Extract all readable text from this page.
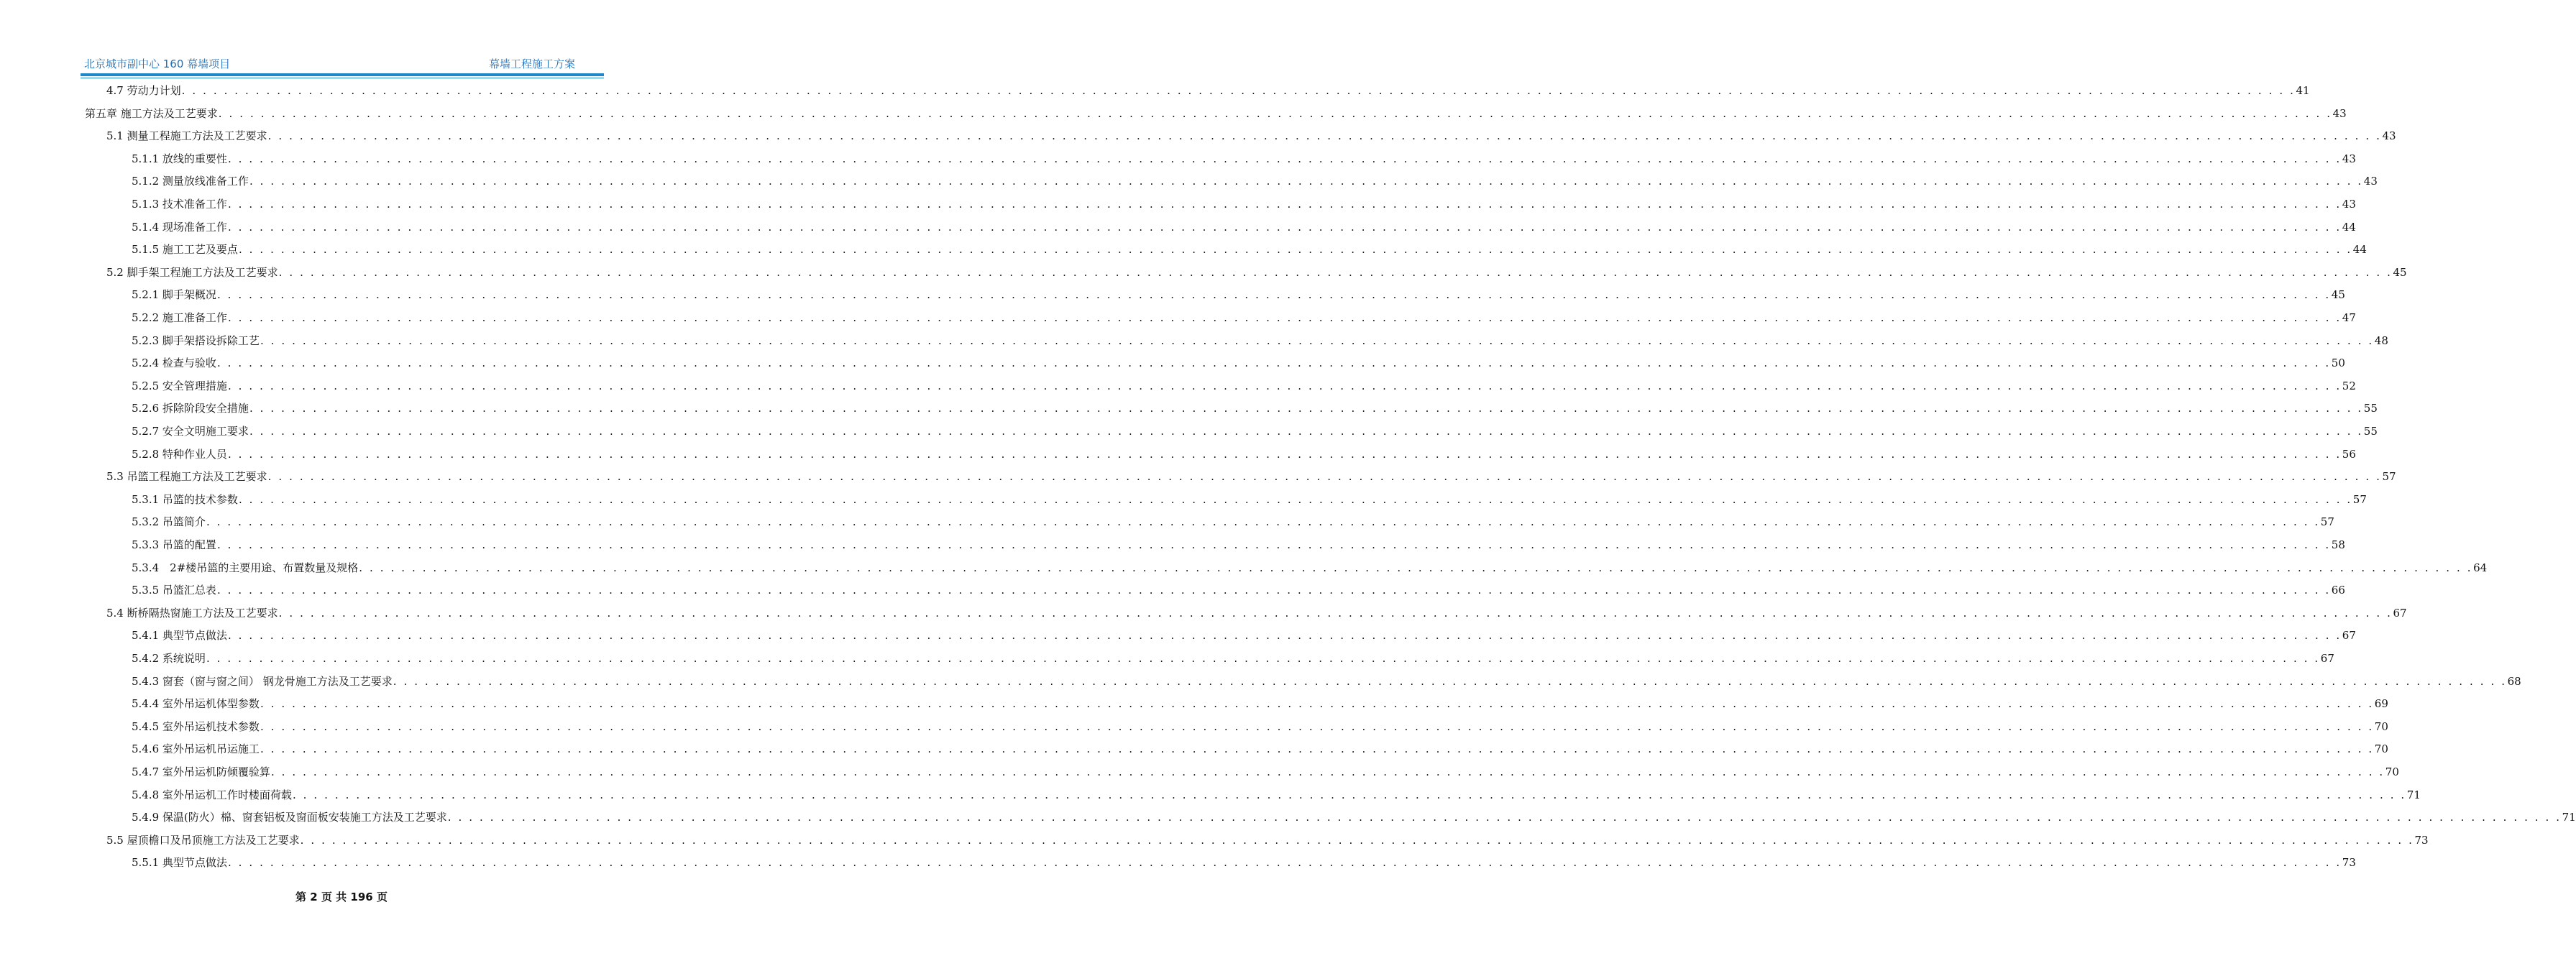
北京城市副中心 160 幕墙项目	幕墙工程施工方案
4.7 劳动力计划 . . . . . . . . . . . . . . . . . . . . . . . . . . . . . . . . . . . . . . . . . . . . . . . . . . . . . . . . . . . . . . . . . . . . . . . . . . . . . . . . . . . . . . . . . . . . . . . . . . . . . . . . . . . . . . . . . . . . . . . . . . . . . . . . . . . . . . . . . . . . . . . . . . . . . . . . . . . . . . . . . . . . . . . . . . . . . . . . . . . . . . . . . . . . . . . . . . . . . . . . 41
第五章 施工方法及工艺要求 . . . . . . . . . . . . . . . . . . . . . . . . . . . . . . . . . . . . . . . . . . . . . . . . . . . . . . . . . . . . . . . . . . . . . . . . . . . . . . . . . . . . . . . . . . . . . . . . . . . . . . . . . . . . . . . . . . . . . . . . . . . . . . . . . . . . . . . . . . . . . . . . . . . . . . . . . . . . . . . . . . . . . . . . . . . . . . . . . . . . . . . . . . . . . . . . . . . . . . . . 43
5.1 测量工程施工方法及工艺要求 . . . . . . . . . . . . . . . . . . . . . . . . . . . . . . . . . . . . . . . . . . . . . . . . . . . . . . . . . . . . . . . . . . . . . . . . . . . . . . . . . . . . . . . . . . . . . . . . . . . . . . . . . . . . . . . . . . . . . . . . . . . . . . . . . . . . . . . . . . . . . . . . . . . . . . . . . . . . . . . . . . . . . . . . . . . . . . . . . . . . . . . . . . . . . . . . . . . . . . . . 43
5.1.1 放线的重要性 . . . . . . . . . . . . . . . . . . . . . . . . . . . . . . . . . . . . . . . . . . . . . . . . . . . . . . . . . . . . . . . . . . . . . . . . . . . . . . . . . . . . . . . . . . . . . . . . . . . . . . . . . . . . . . . . . . . . . . . . . . . . . . . . . . . . . . . . . . . . . . . . . . . . . . . . . . . . . . . . . . . . . . . . . . . . . . . . . . . . . . . . . . . . . . . . . . . . . . . . 43
5.1.2 测量放线准备工作 . . . . . . . . . . . . . . . . . . . . . . . . . . . . . . . . . . . . . . . . . . . . . . . . . . . . . . . . . . . . . . . . . . . . . . . . . . . . . . . . . . . . . . . . . . . . . . . . . . . . . . . . . . . . . . . . . . . . . . . . . . . . . . . . . . . . . . . . . . . . . . . . . . . . . . . . . . . . . . . . . . . . . . . . . . . . . . . . . . . . . . . . . . . . . . . . . . . . . . . . 43
5.1.3 技术准备工作 . . . . . . . . . . . . . . . . . . . . . . . . . . . . . . . . . . . . . . . . . . . . . . . . . . . . . . . . . . . . . . . . . . . . . . . . . . . . . . . . . . . . . . . . . . . . . . . . . . . . . . . . . . . . . . . . . . . . . . . . . . . . . . . . . . . . . . . . . . . . . . . . . . . . . . . . . . . . . . . . . . . . . . . . . . . . . . . . . . . . . . . . . . . . . . . . . . . . . . . . 43
5.1.4 现场准备工作 . . . . . . . . . . . . . . . . . . . . . . . . . . . . . . . . . . . . . . . . . . . . . . . . . . . . . . . . . . . . . . . . . . . . . . . . . . . . . . . . . . . . . . . . . . . . . . . . . . . . . . . . . . . . . . . . . . . . . . . . . . . . . . . . . . . . . . . . . . . . . . . . . . . . . . . . . . . . . . . . . . . . . . . . . . . . . . . . . . . . . . . . . . . . . . . . . . . . . . . . 44
5.1.5 施工工艺及要点 . . . . . . . . . . . . . . . . . . . . . . . . . . . . . . . . . . . . . . . . . . . . . . . . . . . . . . . . . . . . . . . . . . . . . . . . . . . . . . . . . . . . . . . . . . . . . . . . . . . . . . . . . . . . . . . . . . . . . . . . . . . . . . . . . . . . . . . . . . . . . . . . . . . . . . . . . . . . . . . . . . . . . . . . . . . . . . . . . . . . . . . . . . . . . . . . . . . . . . . . 44
5.2 脚手架工程施工方法及工艺要求 . . . . . . . . . . . . . . . . . . . . . . . . . . . . . . . . . . . . . . . . . . . . . . . . . . . . . . . . . . . . . . . . . . . . . . . . . . . . . . . . . . . . . . . . . . . . . . . . . . . . . . . . . . . . . . . . . . . . . . . . . . . . . . . . . . . . . . . . . . . . . . . . . . . . . . . . . . . . . . . . . . . . . . . . . . . . . . . . . . . . . . . . . . . . . . . . . . . . . . . . 45
5.2.1 脚手架概况 . . . . . . . . . . . . . . . . . . . . . . . . . . . . . . . . . . . . . . . . . . . . . . . . . . . . . . . . . . . . . . . . . . . . . . . . . . . . . . . . . . . . . . . . . . . . . . . . . . . . . . . . . . . . . . . . . . . . . . . . . . . . . . . . . . . . . . . . . . . . . . . . . . . . . . . . . . . . . . . . . . . . . . . . . . . . . . . . . . . . . . . . . . . . . . . . . . . . . . . . 45
5.2.2 施工准备工作 . . . . . . . . . . . . . . . . . . . . . . . . . . . . . . . . . . . . . . . . . . . . . . . . . . . . . . . . . . . . . . . . . . . . . . . . . . . . . . . . . . . . . . . . . . . . . . . . . . . . . . . . . . . . . . . . . . . . . . . . . . . . . . . . . . . . . . . . . . . . . . . . . . . . . . . . . . . . . . . . . . . . . . . . . . . . . . . . . . . . . . . . . . . . . . . . . . . . . . . . 47
5.2.3 脚手架搭设拆除工艺 . . . . . . . . . . . . . . . . . . . . . . . . . . . . . . . . . . . . . . . . . . . . . . . . . . . . . . . . . . . . . . . . . . . . . . . . . . . . . . . . . . . . . . . . . . . . . . . . . . . . . . . . . . . . . . . . . . . . . . . . . . . . . . . . . . . . . . . . . . . . . . . . . . . . . . . . . . . . . . . . . . . . . . . . . . . . . . . . . . . . . . . . . . . . . . . . . . . . . . . . 48
5.2.4 检查与验收 . . . . . . . . . . . . . . . . . . . . . . . . . . . . . . . . . . . . . . . . . . . . . . . . . . . . . . . . . . . . . . . . . . . . . . . . . . . . . . . . . . . . . . . . . . . . . . . . . . . . . . . . . . . . . . . . . . . . . . . . . . . . . . . . . . . . . . . . . . . . . . . . . . . . . . . . . . . . . . . . . . . . . . . . . . . . . . . . . . . . . . . . . . . . . . . . . . . . . . . . 50
5.2.5 安全管理措施 . . . . . . . . . . . . . . . . . . . . . . . . . . . . . . . . . . . . . . . . . . . . . . . . . . . . . . . . . . . . . . . . . . . . . . . . . . . . . . . . . . . . . . . . . . . . . . . . . . . . . . . . . . . . . . . . . . . . . . . . . . . . . . . . . . . . . . . . . . . . . . . . . . . . . . . . . . . . . . . . . . . . . . . . . . . . . . . . . . . . . . . . . . . . . . . . . . . . . . . . 52
5.2.6 拆除阶段安全措施 . . . . . . . . . . . . . . . . . . . . . . . . . . . . . . . . . . . . . . . . . . . . . . . . . . . . . . . . . . . . . . . . . . . . . . . . . . . . . . . . . . . . . . . . . . . . . . . . . . . . . . . . . . . . . . . . . . . . . . . . . . . . . . . . . . . . . . . . . . . . . . . . . . . . . . . . . . . . . . . . . . . . . . . . . . . . . . . . . . . . . . . . . . . . . . . . . . . . . . . . 55
5.2.7 安全文明施工要求 . . . . . . . . . . . . . . . . . . . . . . . . . . . . . . . . . . . . . . . . . . . . . . . . . . . . . . . . . . . . . . . . . . . . . . . . . . . . . . . . . . . . . . . . . . . . . . . . . . . . . . . . . . . . . . . . . . . . . . . . . . . . . . . . . . . . . . . . . . . . . . . . . . . . . . . . . . . . . . . . . . . . . . . . . . . . . . . . . . . . . . . . . . . . . . . . . . . . . . . . 55
5.2.8 特种作业人员 . . . . . . . . . . . . . . . . . . . . . . . . . . . . . . . . . . . . . . . . . . . . . . . . . . . . . . . . . . . . . . . . . . . . . . . . . . . . . . . . . . . . . . . . . . . . . . . . . . . . . . . . . . . . . . . . . . . . . . . . . . . . . . . . . . . . . . . . . . . . . . . . . . . . . . . . . . . . . . . . . . . . . . . . . . . . . . . . . . . . . . . . . . . . . . . . . . . . . . . . 56
5.3 吊篮工程施工方法及工艺要求 . . . . . . . . . . . . . . . . . . . . . . . . . . . . . . . . . . . . . . . . . . . . . . . . . . . . . . . . . . . . . . . . . . . . . . . . . . . . . . . . . . . . . . . . . . . . . . . . . . . . . . . . . . . . . . . . . . . . . . . . . . . . . . . . . . . . . . . . . . . . . . . . . . . . . . . . . . . . . . . . . . . . . . . . . . . . . . . . . . . . . . . . . . . . . . . . . . . . . . . . 57
5.3.1 吊篮的技术参数 . . . . . . . . . . . . . . . . . . . . . . . . . . . . . . . . . . . . . . . . . . . . . . . . . . . . . . . . . . . . . . . . . . . . . . . . . . . . . . . . . . . . . . . . . . . . . . . . . . . . . . . . . . . . . . . . . . . . . . . . . . . . . . . . . . . . . . . . . . . . . . . . . . . . . . . . . . . . . . . . . . . . . . . . . . . . . . . . . . . . . . . . . . . . . . . . . . . . . . . . 57
5.3.2 吊篮简介 . . . . . . . . . . . . . . . . . . . . . . . . . . . . . . . . . . . . . . . . . . . . . . . . . . . . . . . . . . . . . . . . . . . . . . . . . . . . . . . . . . . . . . . . . . . . . . . . . . . . . . . . . . . . . . . . . . . . . . . . . . . . . . . . . . . . . . . . . . . . . . . . . . . . . . . . . . . . . . . . . . . . . . . . . . . . . . . . . . . . . . . . . . . . . . . . . . . . . . . . 57
5.3.3 吊篮的配置 . . . . . . . . . . . . . . . . . . . . . . . . . . . . . . . . . . . . . . . . . . . . . . . . . . . . . . . . . . . . . . . . . . . . . . . . . . . . . . . . . . . . . . . . . . . . . . . . . . . . . . . . . . . . . . . . . . . . . . . . . . . . . . . . . . . . . . . . . . . . . . . . . . . . . . . . . . . . . . . . . . . . . . . . . . . . . . . . . . . . . . . . . . . . . . . . . . . . . . . . 58
5.3.4　2#楼吊篮的主要用途、布置数量及规格 . . . . . . . . . . . . . . . . . . . . . . . . . . . . . . . . . . . . . . . . . . . . . . . . . . . . . . . . . . . . . . . . . . . . . . . . . . . . . . . . . . . . . . . . . . . . . . . . . . . . . . . . . . . . . . . . . . . . . . . . . . . . . . . . . . . . . . . . . . . . . . . . . . . . . . . . . . . . . . . . . . . . . . . . . . . . . . . . . . . . . . . . . . . . . . . . . . . . . . . . 64
5.3.5 吊篮汇总表 . . . . . . . . . . . . . . . . . . . . . . . . . . . . . . . . . . . . . . . . . . . . . . . . . . . . . . . . . . . . . . . . . . . . . . . . . . . . . . . . . . . . . . . . . . . . . . . . . . . . . . . . . . . . . . . . . . . . . . . . . . . . . . . . . . . . . . . . . . . . . . . . . . . . . . . . . . . . . . . . . . . . . . . . . . . . . . . . . . . . . . . . . . . . . . . . . . . . . . . . 66
5.4 断桥隔热窗施工方法及工艺要求 . . . . . . . . . . . . . . . . . . . . . . . . . . . . . . . . . . . . . . . . . . . . . . . . . . . . . . . . . . . . . . . . . . . . . . . . . . . . . . . . . . . . . . . . . . . . . . . . . . . . . . . . . . . . . . . . . . . . . . . . . . . . . . . . . . . . . . . . . . . . . . . . . . . . . . . . . . . . . . . . . . . . . . . . . . . . . . . . . . . . . . . . . . . . . . . . . . . . . . . . 67
5.4.1 典型节点做法 . . . . . . . . . . . . . . . . . . . . . . . . . . . . . . . . . . . . . . . . . . . . . . . . . . . . . . . . . . . . . . . . . . . . . . . . . . . . . . . . . . . . . . . . . . . . . . . . . . . . . . . . . . . . . . . . . . . . . . . . . . . . . . . . . . . . . . . . . . . . . . . . . . . . . . . . . . . . . . . . . . . . . . . . . . . . . . . . . . . . . . . . . . . . . . . . . . . . . . . . 67
5.4.2 系统说明 . . . . . . . . . . . . . . . . . . . . . . . . . . . . . . . . . . . . . . . . . . . . . . . . . . . . . . . . . . . . . . . . . . . . . . . . . . . . . . . . . . . . . . . . . . . . . . . . . . . . . . . . . . . . . . . . . . . . . . . . . . . . . . . . . . . . . . . . . . . . . . . . . . . . . . . . . . . . . . . . . . . . . . . . . . . . . . . . . . . . . . . . . . . . . . . . . . . . . . . . 67
5.4.3 窗套（窗与窗之间） 钢龙骨施工方法及工艺要求 . . . . . . . . . . . . . . . . . . . . . . . . . . . . . . . . . . . . . . . . . . . . . . . . . . . . . . . . . . . . . . . . . . . . . . . . . . . . . . . . . . . . . . . . . . . . . . . . . . . . . . . . . . . . . . . . . . . . . . . . . . . . . . . . . . . . . . . . . . . . . . . . . . . . . . . . . . . . . . . . . . . . . . . . . . . . . . . . . . . . . . . . . . . . . . . . . . . . . . . . 68
5.4.4 室外吊运机体型参数 . . . . . . . . . . . . . . . . . . . . . . . . . . . . . . . . . . . . . . . . . . . . . . . . . . . . . . . . . . . . . . . . . . . . . . . . . . . . . . . . . . . . . . . . . . . . . . . . . . . . . . . . . . . . . . . . . . . . . . . . . . . . . . . . . . . . . . . . . . . . . . . . . . . . . . . . . . . . . . . . . . . . . . . . . . . . . . . . . . . . . . . . . . . . . . . . . . . . . . . . 69
5.4.5 室外吊运机技术参数 . . . . . . . . . . . . . . . . . . . . . . . . . . . . . . . . . . . . . . . . . . . . . . . . . . . . . . . . . . . . . . . . . . . . . . . . . . . . . . . . . . . . . . . . . . . . . . . . . . . . . . . . . . . . . . . . . . . . . . . . . . . . . . . . . . . . . . . . . . . . . . . . . . . . . . . . . . . . . . . . . . . . . . . . . . . . . . . . . . . . . . . . . . . . . . . . . . . . . . . . 70
5.4.6 室外吊运机吊运施工 . . . . . . . . . . . . . . . . . . . . . . . . . . . . . . . . . . . . . . . . . . . . . . . . . . . . . . . . . . . . . . . . . . . . . . . . . . . . . . . . . . . . . . . . . . . . . . . . . . . . . . . . . . . . . . . . . . . . . . . . . . . . . . . . . . . . . . . . . . . . . . . . . . . . . . . . . . . . . . . . . . . . . . . . . . . . . . . . . . . . . . . . . . . . . . . . . . . . . . . . 70
5.4.7 室外吊运机防倾覆验算 . . . . . . . . . . . . . . . . . . . . . . . . . . . . . . . . . . . . . . . . . . . . . . . . . . . . . . . . . . . . . . . . . . . . . . . . . . . . . . . . . . . . . . . . . . . . . . . . . . . . . . . . . . . . . . . . . . . . . . . . . . . . . . . . . . . . . . . . . . . . . . . . . . . . . . . . . . . . . . . . . . . . . . . . . . . . . . . . . . . . . . . . . . . . . . . . . . . . . . . . 70
5.4.8 室外吊运机工作时楼面荷载 . . . . . . . . . . . . . . . . . . . . . . . . . . . . . . . . . . . . . . . . . . . . . . . . . . . . . . . . . . . . . . . . . . . . . . . . . . . . . . . . . . . . . . . . . . . . . . . . . . . . . . . . . . . . . . . . . . . . . . . . . . . . . . . . . . . . . . . . . . . . . . . . . . . . . . . . . . . . . . . . . . . . . . . . . . . . . . . . . . . . . . . . . . . . . . . . . . . . . . . . 71
5.4.9 保温(防火）棉、窗套铝板及窗面板安装施工方法及工艺要求 . . . . . . . . . . . . . . . . . . . . . . . . . . . . . . . . . . . . . . . . . . . . . . . . . . . . . . . . . . . . . . . . . . . . . . . . . . . . . . . . . . . . . . . . . . . . . . . . . . . . . . . . . . . . . . . . . . . . . . . . . . . . . . . . . . . . . . . . . . . . . . . . . . . . . . . . . . . . . . . . . . . . . . . . . . . . . . . . . . . . . . . . . . . . . . . . . . . . . . . . 71
5.5 屋顶檐口及吊顶施工方法及工艺要求 . . . . . . . . . . . . . . . . . . . . . . . . . . . . . . . . . . . . . . . . . . . . . . . . . . . . . . . . . . . . . . . . . . . . . . . . . . . . . . . . . . . . . . . . . . . . . . . . . . . . . . . . . . . . . . . . . . . . . . . . . . . . . . . . . . . . . . . . . . . . . . . . . . . . . . . . . . . . . . . . . . . . . . . . . . . . . . . . . . . . . . . . . . . . . . . . . . . . . . . . 73
5.5.1 典型节点做法 . . . . . . . . . . . . . . . . . . . . . . . . . . . . . . . . . . . . . . . . . . . . . . . . . . . . . . . . . . . . . . . . . . . . . . . . . . . . . . . . . . . . . . . . . . . . . . . . . . . . . . . . . . . . . . . . . . . . . . . . . . . . . . . . . . . . . . . . . . . . . . . . . . . . . . . . . . . . . . . . . . . . . . . . . . . . . . . . . . . . . . . . . . . . . . . . . . . . . . . . 73
第 2 页 共 196 页
